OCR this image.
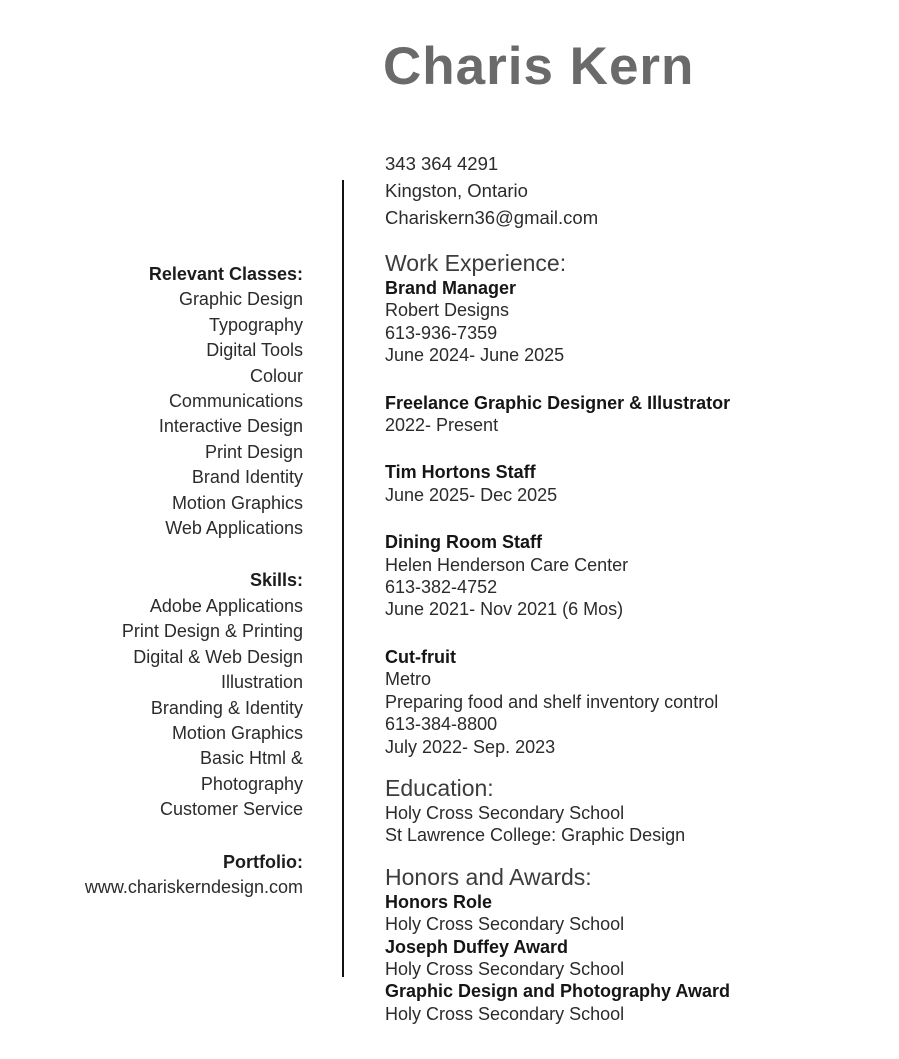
Charis Kern
Relevant Classes:
Graphic Design
Typography
Digital Tools
Colour
Communications
Interactive Design
Print Design
Brand Identity
Motion Graphics
Web Applications
Skills:
Adobe Applications
Print Design & Printing
Digital & Web Design
Illustration
Branding & Identity
Motion Graphics
Basic Html &
Photography
Customer Service
Portfolio:
www.chariskerndesign.com
343 364 4291
Kingston, Ontario
Chariskern36@gmail.com
Work Experience:
Brand Manager
Robert Designs
613-936-7359
June 2024- June 2025
Freelance Graphic Designer & Illustrator
2022- Present
Tim Hortons Staff
June 2025- Dec 2025
Dining Room Staff
Helen Henderson Care Center
613-382-4752
June 2021- Nov 2021 (6 Mos)
Cut-fruit
Metro
Preparing food and shelf inventory control
613-384-8800
July 2022- Sep. 2023
Education:
Holy Cross Secondary School
St Lawrence College: Graphic Design
Honors and Awards:
Honors Role
Holy Cross Secondary School
Joseph Duffey Award
Holy Cross Secondary School
Graphic Design and Photography Award
Holy Cross Secondary School
